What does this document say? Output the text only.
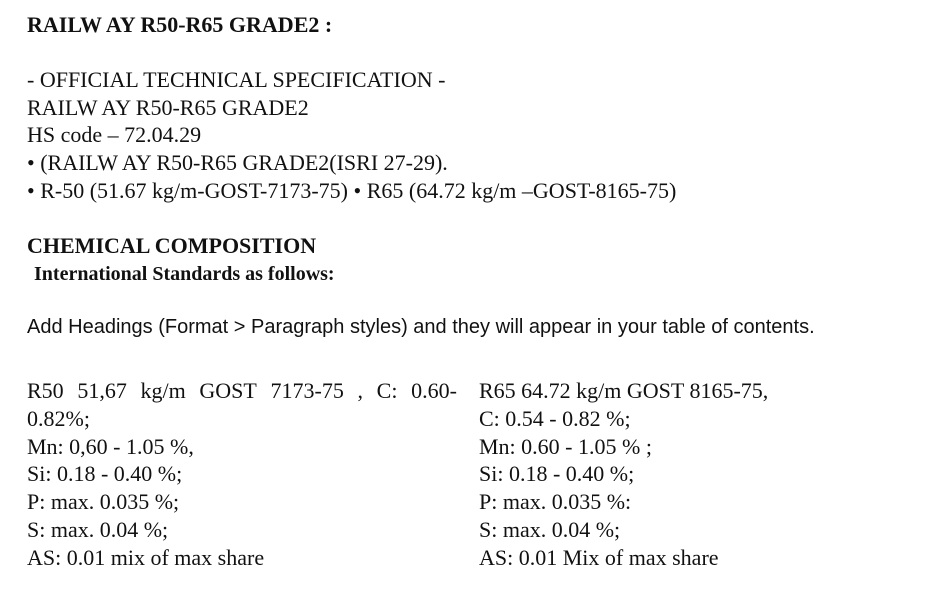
RAILW AY R50-R65 GRADE2 :
- OFFICIAL TECHNICAL SPECIFICATION -
RAILW AY R50-R65 GRADE2
HS code – 72.04.29
• (RAILW AY R50-R65 GRADE2(ISRI 27-29).
• R-50 (51.67 kg/m-GOST-7173-75) • R65 (64.72 kg/m –GOST-8165-75)
CHEMICAL COMPOSITION
International Standards as follows:
Add Headings (Format > Paragraph styles) and they will appear in your table of contents.
R50 51,67 kg/m GOST 7173-75 , C: 0.60-
0.82%;
Mn: 0,60 - 1.05 %,
Si: 0.18 - 0.40 %;
P: max. 0.035 %;
S: max. 0.04 %;
AS: 0.01 mix of max share
R65 64.72 kg/m GOST 8165-75,
C: 0.54 - 0.82 %;
Mn: 0.60 - 1.05 % ;
Si: 0.18 - 0.40 %;
P: max. 0.035 %:
S: max. 0.04 %;
AS: 0.01 Mix of max share
